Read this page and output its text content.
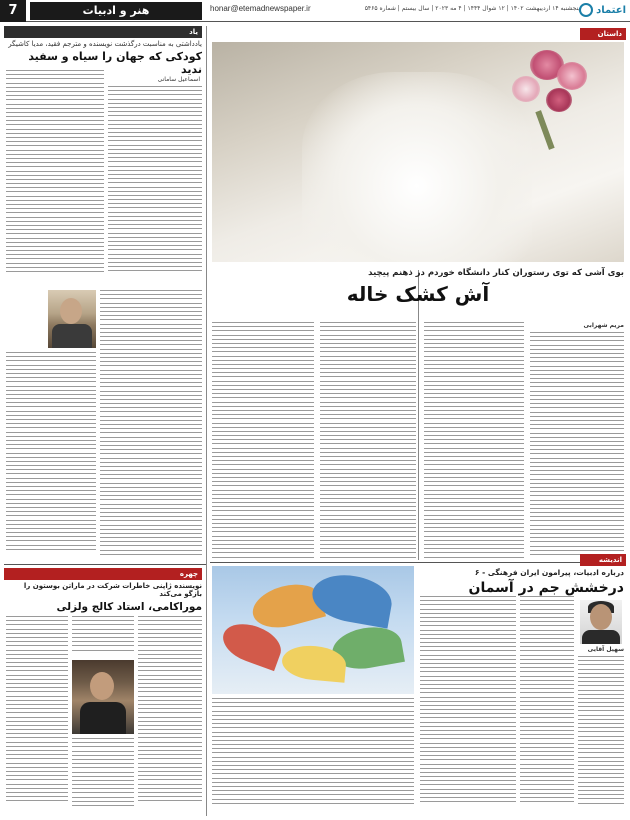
7	هنر و ادبیات	honar@etemadnewspaper.ir	پنجشنبه ۱۴ اردیبهشت ۱۴۰۲ | ۱۲ شوال ۱۴۴۴ | ۴ مه ۲۰۲۳ | سال بیستم | شماره ۵۴۶۵	اعتماد
یاد
یادداشتی به مناسبت درگذشت نویسنده و مترجم فقید، مدیا کاشیگر
کودکی که جهان را سیاه و سفید ندید
اسماعیل سامانی
چهره
نویسنده ژاپنی خاطرات شرکت در ماراتن بوستون را بازگو می‌کند
موراکامی، استاد کالج ولزلی
داستان
بوی آشی که توی رستوران کنار دانشگاه خوردم در ذهنم پیچید
آش کشک خاله
مریم شهرابی
اندیشه
درباره ادبیات، پیرامون ایران فرهنگی - ۶
درخشش جم در آسمان
سهیل آقایی
